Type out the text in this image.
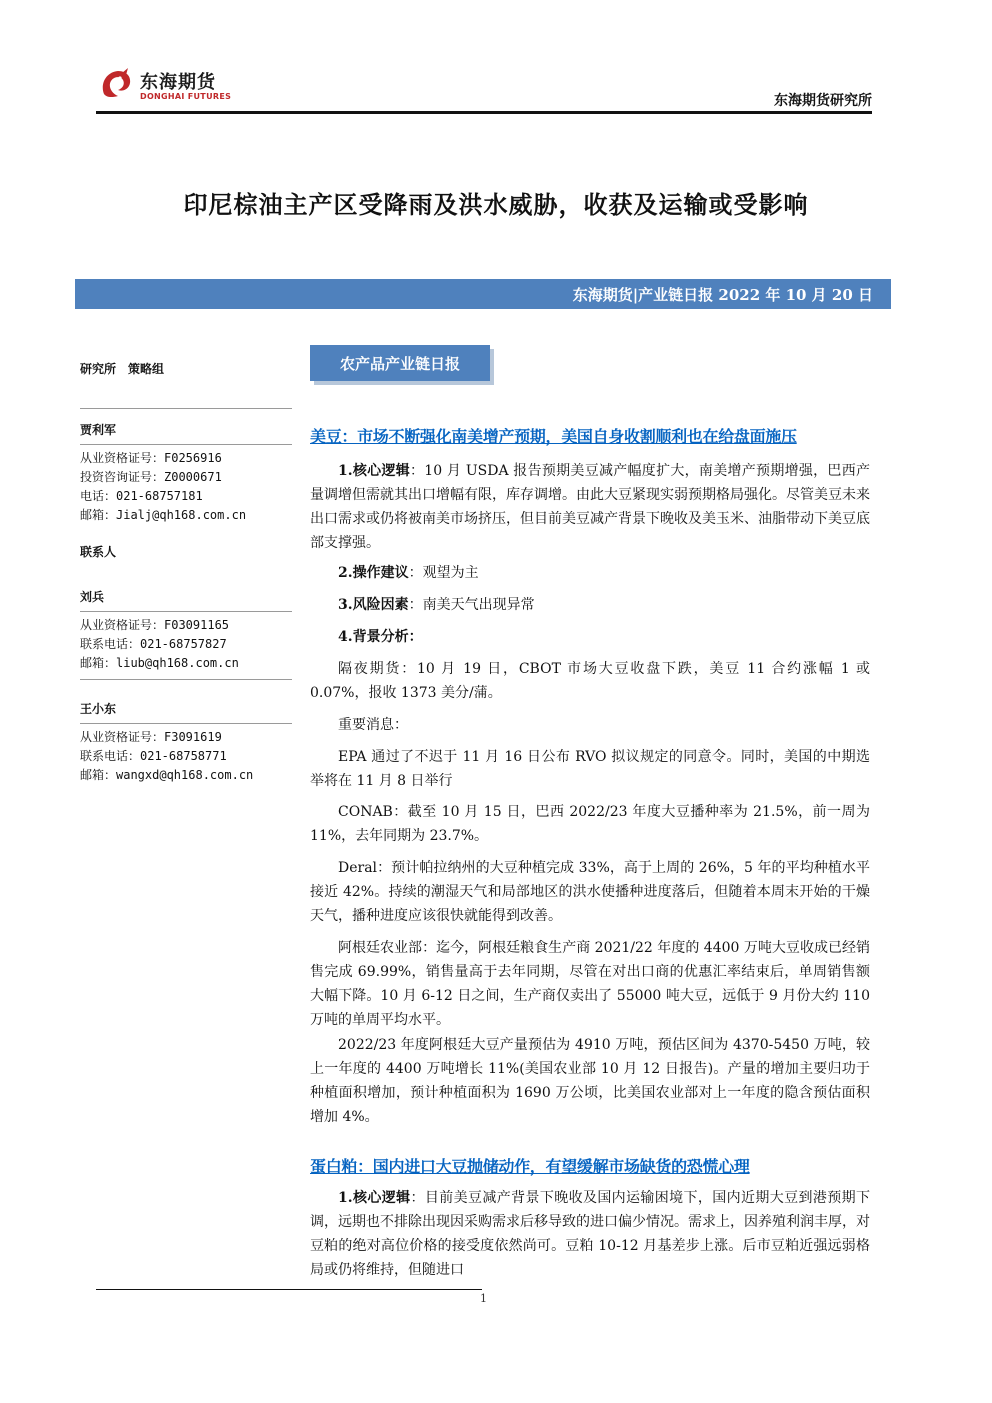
东海期货
DONGHAI FUTURES	东海期货研究所
印尼棕油主产区受降雨及洪水威胁，收获及运输或受影响
东海期货|产业链日报 2022 年 10 月 20 日
研究所　策略组
贾利军
从业资格证号：F0256916
投资咨询证号：Z0000671
电话：021-68757181
邮箱：Jialj@qh168.com.cn
联系人
刘兵
从业资格证号：F03091165
联系电话：021-68757827
邮箱：liub@qh168.com.cn
王小东
从业资格证号：F3091619
联系电话：021-68758771
邮箱：wangxd@qh168.com.cn
农产品产业链日报
美豆：市场不断强化南美增产预期，美国自身收割顺利也在给盘面施压
1.核心逻辑：10 月 USDA 报告预期美豆减产幅度扩大，南美增产预期增强，巴西产量调增但需就其出口增幅有限，库存调增。由此大豆紧现实弱预期格局强化。尽管美豆未来出口需求或仍将被南美市场挤压，但目前美豆减产背景下晚收及美玉米、油脂带动下美豆底部支撑强。
2.操作建议：观望为主
3.风险因素：南美天气出现异常
4.背景分析：
隔夜期货：10 月 19 日，CBOT 市场大豆收盘下跌，美豆 11 合约涨幅 1 或 0.07%，报收 1373 美分/蒲。
重要消息：
EPA 通过了不迟于 11 月 16 日公布 RVO 拟议规定的同意令。同时，美国的中期选举将在 11 月 8 日举行
CONAB：截至 10 月 15 日，巴西 2022/23 年度大豆播种率为 21.5%，前一周为 11%，去年同期为 23.7%。
Deral：预计帕拉纳州的大豆种植完成 33%，高于上周的 26%，5 年的平均种植水平接近 42%。持续的潮湿天气和局部地区的洪水使播种进度落后，但随着本周末开始的干燥天气，播种进度应该很快就能得到改善。
阿根廷农业部：迄今，阿根廷粮食生产商 2021/22 年度的 4400 万吨大豆收成已经销售完成 69.99%，销售量高于去年同期，尽管在对出口商的优惠汇率结束后，单周销售额大幅下降。10 月 6-12 日之间，生产商仅卖出了 55000 吨大豆，远低于 9 月份大约 110 万吨的单周平均水平。
2022/23 年度阿根廷大豆产量预估为 4910 万吨，预估区间为 4370-5450 万吨，较上一年度的 4400 万吨增长 11%(美国农业部 10 月 12 日报告)。产量的增加主要归功于种植面积增加，预计种植面积为 1690 万公顷，比美国农业部对上一年度的隐含预估面积增加 4%。
蛋白粕：国内进口大豆抛储动作，有望缓解市场缺货的恐慌心理
1.核心逻辑：目前美豆减产背景下晚收及国内运输困境下，国内近期大豆到港预期下调，远期也不排除出现因采购需求后移导致的进口偏少情况。需求上，因养殖利润丰厚，对豆粕的绝对高位价格的接受度依然尚可。豆粕 10-12 月基差步上涨。后市豆粕近强远弱格局或仍将维持，但随进口
1
